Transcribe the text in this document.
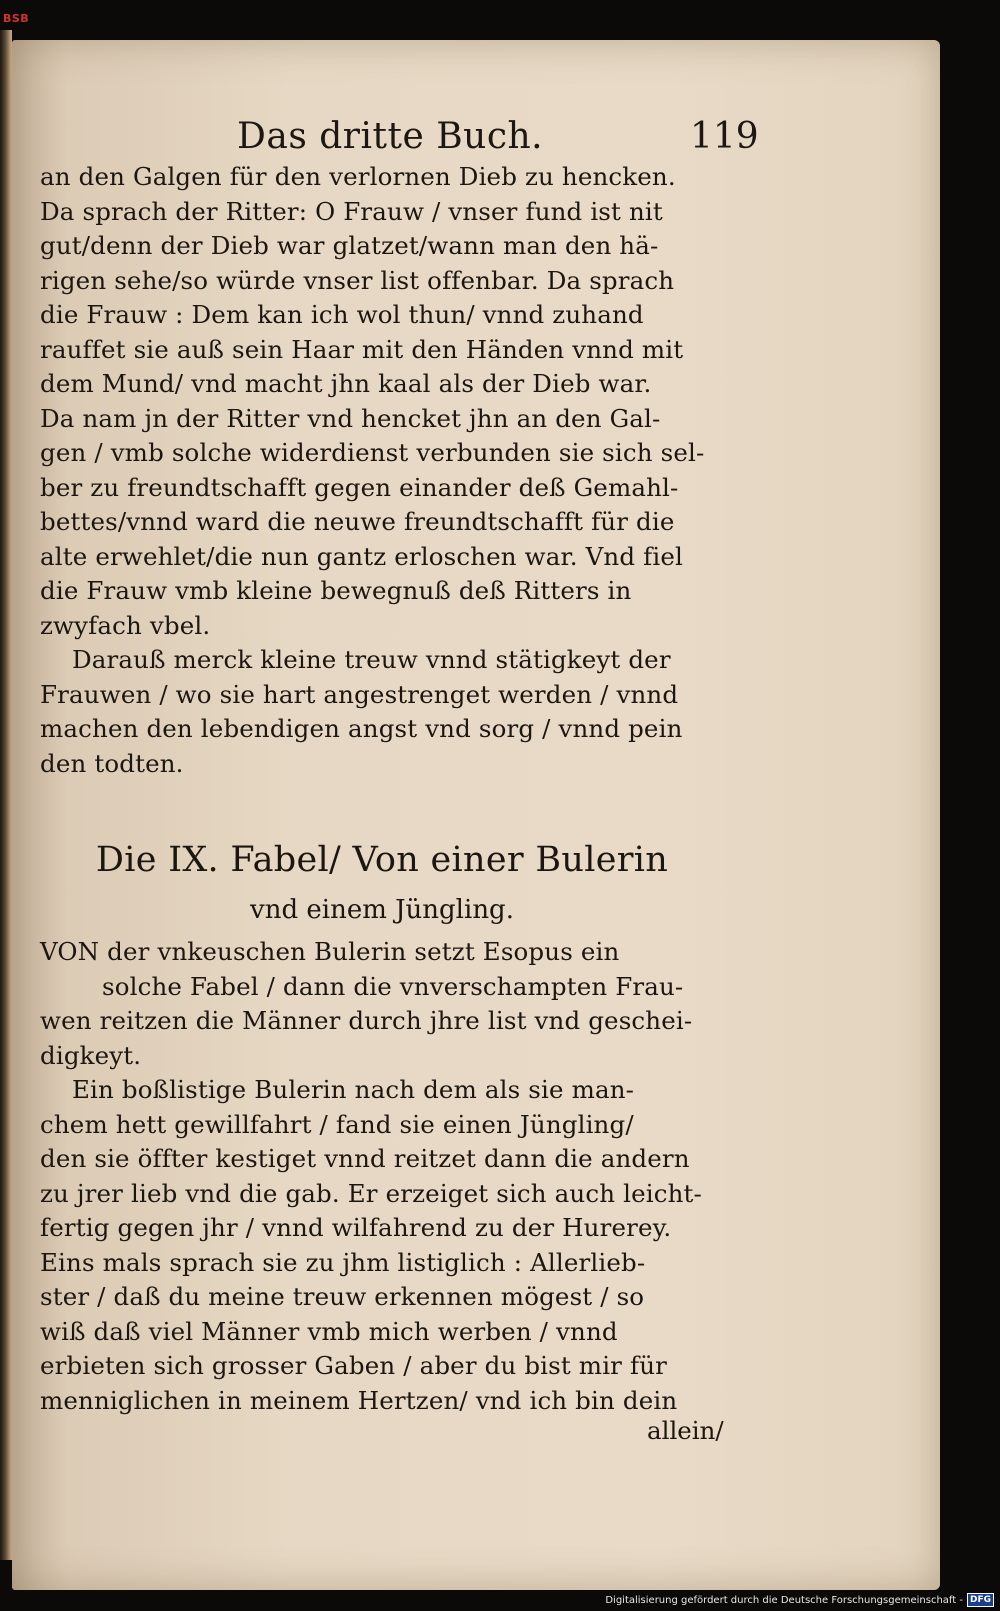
BSB
Das dritte Buch.	119
an den Galgen für den verlornen Dieb zu hencken.
Da sprach der Ritter: O Frauw / vnser fund ist nit
gut/denn der Dieb war glatzet/wann man den hä-
rigen sehe/so würde vnser list offenbar. Da sprach
die Frauw : Dem kan ich wol thun/ vnnd zuhand
rauffet sie auß sein Haar mit den Händen vnnd mit
dem Mund/ vnd macht jhn kaal als der Dieb war.
Da nam jn der Ritter vnd hencket jhn an den Gal-
gen / vmb solche widerdienst verbunden sie sich sel-
ber zu freundtschafft gegen einander deß Gemahl-
bettes/vnnd ward die neuwe freundtschafft für die
alte erwehlet/die nun gantz erloschen war. Vnd fiel
die Frauw vmb kleine bewegnuß deß Ritters in
zwyfach vbel.
Darauß merck kleine treuw vnnd stätigkeyt der
Frauwen / wo sie hart angestrenget werden / vnnd
machen den lebendigen angst vnd sorg / vnnd pein
den todten.
Die IX. Fabel/ Von einer Bulerin
vnd einem Jüngling.
VON der vnkeuschen Bulerin setzt Esopus ein
solche Fabel / dann die vnverschampten Frau-
wen reitzen die Männer durch jhre list vnd geschei-
digkeyt.
Ein boßlistige Bulerin nach dem als sie man-
chem hett gewillfahrt / fand sie einen Jüngling/
den sie öffter kestiget vnnd reitzet dann die andern
zu jrer lieb vnd die gab. Er erzeiget sich auch leicht-
fertig gegen jhr / vnnd wilfahrend zu der Hurerey.
Eins mals sprach sie zu jhm listiglich : Allerlieb-
ster / daß du meine treuw erkennen mögest / so
wiß daß viel Männer vmb mich werben / vnnd
erbieten sich grosser Gaben / aber du bist mir für
menniglichen in meinem Hertzen/ vnd ich bin dein
allein/
Digitalisierung gefördert durch die Deutsche Forschungsgemeinschaft - DFG
